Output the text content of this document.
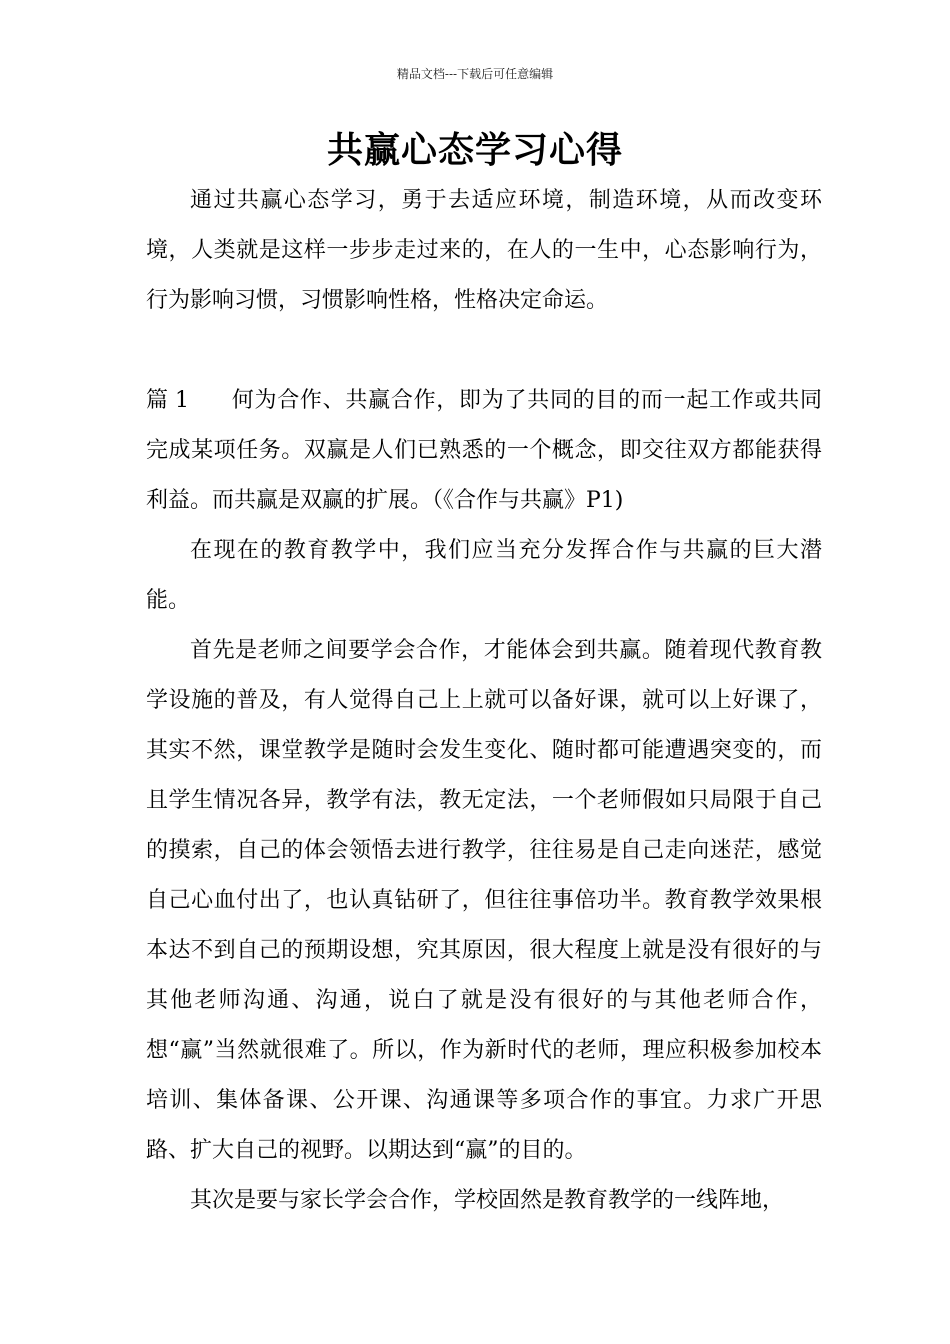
精品文档---下载后可任意编辑
共赢心态学习心得

通过共赢心态学习，勇于去适应环境，制造环境，从而改变环境，人类就是这样一步步走过来的，在人的一生中，心态影响行为，行为影响习惯，习惯影响性格，性格决定命运。

篇 1 何为合作、共赢合作，即为了共同的目的而一起工作或共同完成某项任务。双赢是人们已熟悉的一个概念，即交往双方都能获得利益。而共赢是双赢的扩展。（《合作与共赢》P1)

在现在的教育教学中，我们应当充分发挥合作与共赢的巨大潜能。

首先是老师之间要学会合作，才能体会到共赢。随着现代教育教学设施的普及，有人觉得自己上上就可以备好课，就可以上好课了，其实不然，课堂教学是随时会发生变化、随时都可能遭遇突变的，而且学生情况各异，教学有法，教无定法，一个老师假如只局限于自己的摸索，自己的体会领悟去进行教学，往往易是自己走向迷茫，感觉自己心血付出了，也认真钻研了，但往往事倍功半。教育教学效果根本达不到自己的预期设想，究其原因，很大程度上就是没有很好的与其他老师沟通、沟通，说白了就是没有很好的与其他老师合作，想“赢”当然就很难了。所以，作为新时代的老师，理应积极参加校本培训、集体备课、公开课、沟通课等多项合作的事宜。力求广开思路、扩大自己的视野。以期达到“赢”的目的。

其次是要与家长学会合作，学校固然是教育教学的一线阵地，
